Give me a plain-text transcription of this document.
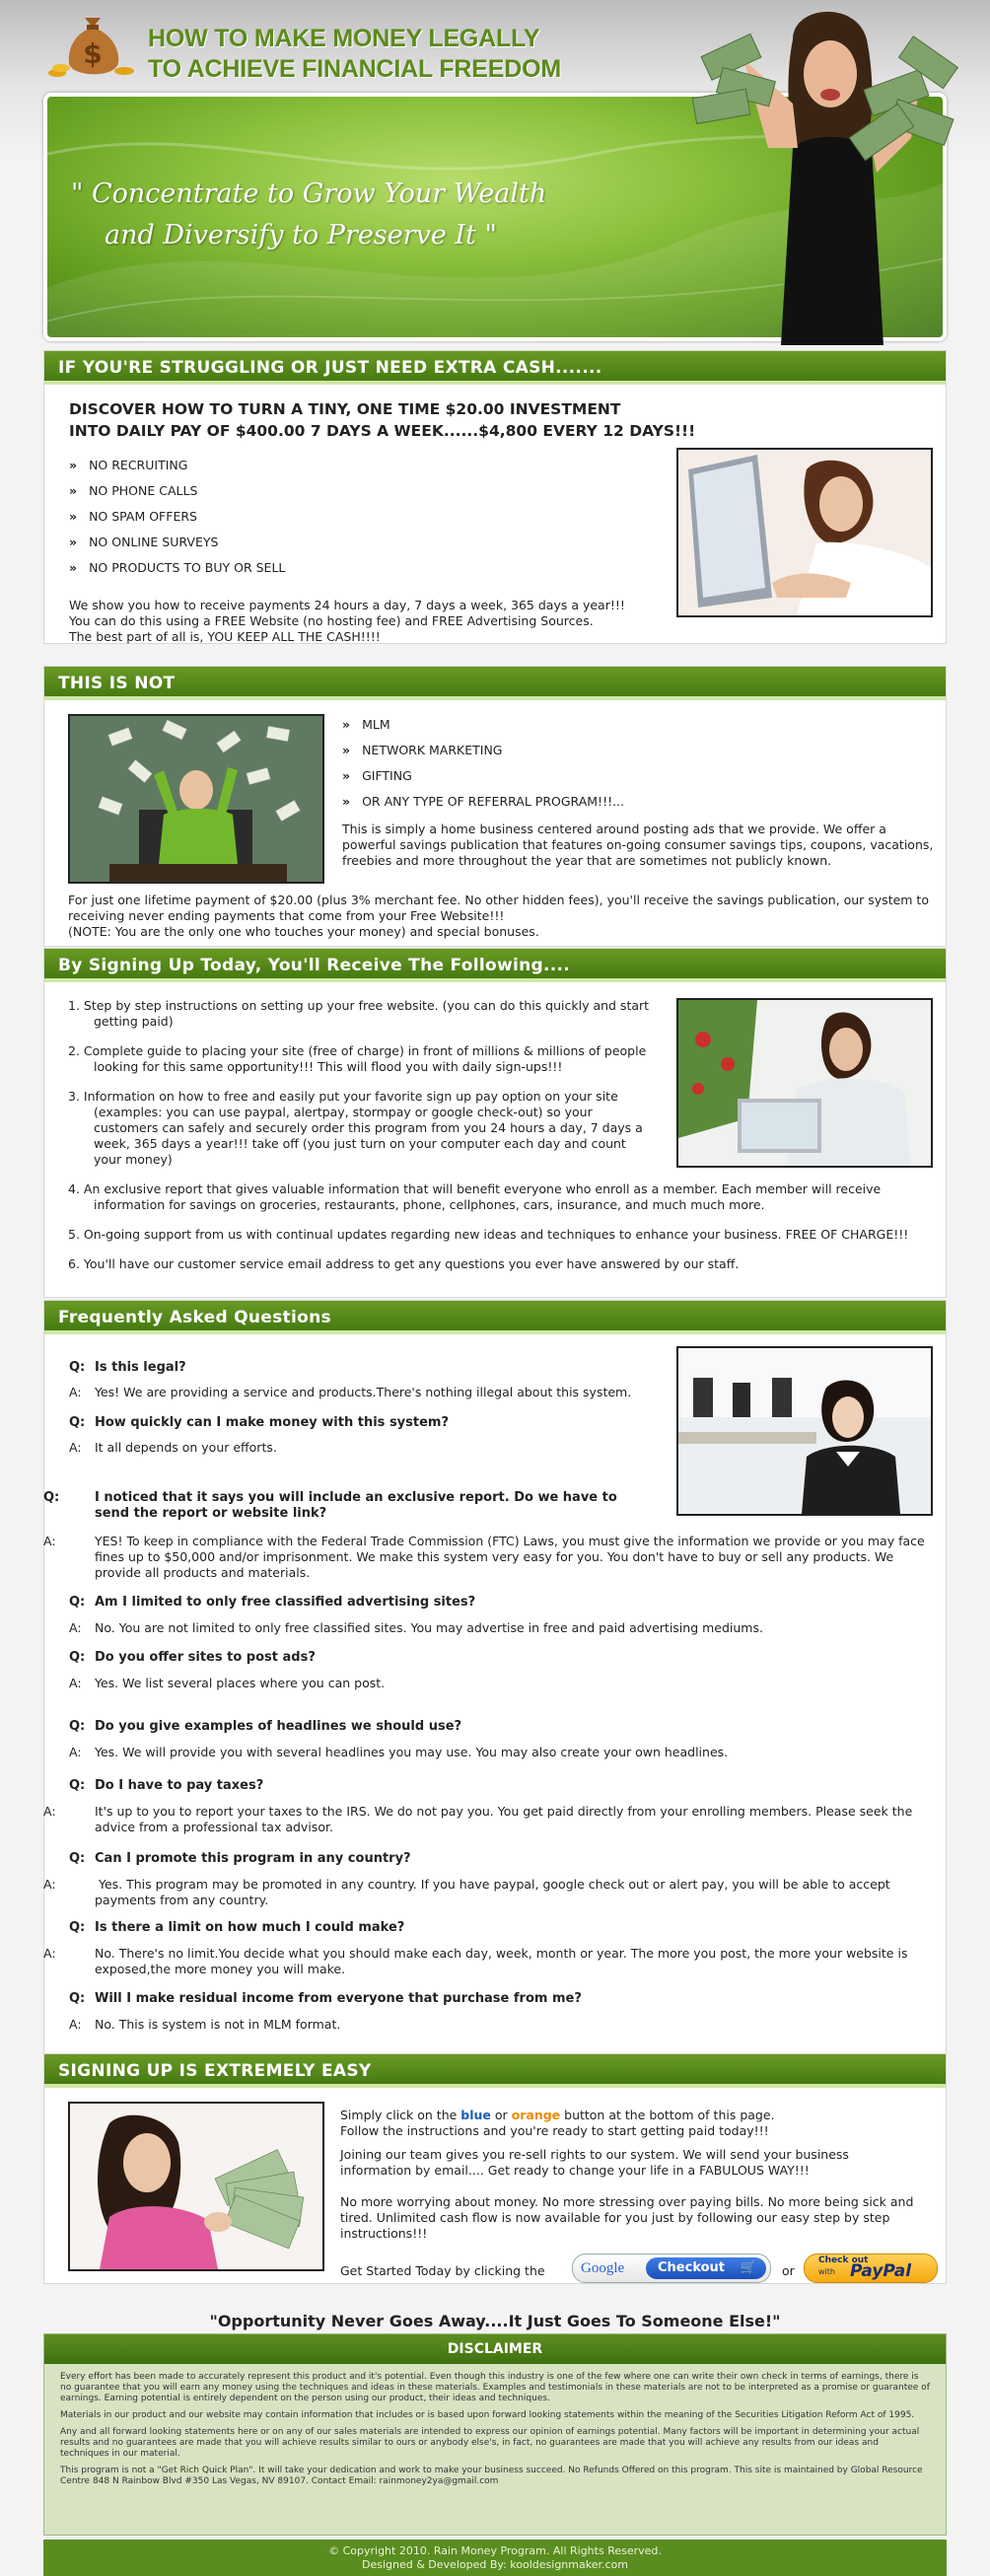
$ HOW TO MAKE MONEY LEGALLY
TO ACHIEVE FINANCIAL FREEDOM
" Concentrate to Grow Your Wealth
and Diversify to Preserve It "
IF YOU'RE STRUGGLING OR JUST NEED EXTRA CASH.......
DISCOVER HOW TO TURN A TINY, ONE TIME $20.00 INVESTMENT
INTO DAILY PAY OF $400.00 7 DAYS A WEEK......$4,800 EVERY 12 DAYS!!!
» NO RECRUITING
» NO PHONE CALLS
» NO SPAM OFFERS
» NO ONLINE SURVEYS
» NO PRODUCTS TO BUY OR SELL

We show you how to receive payments 24 hours a day, 7 days a week, 365 days a year!!!

You can do this using a FREE Website (no hosting fee) and FREE Advertising Sources.

The best part of all is, YOU KEEP ALL THE CASH!!!!

THIS IS NOT
» MLM
» NETWORK MARKETING
» GIFTING
» OR ANY TYPE OF REFERRAL PROGRAM!!!...

This is simply a home business centered around posting ads that we provide. We offer a powerful savings publication that features on-going consumer savings tips, coupons, vacations, freebies and more throughout the year that are sometimes not publicly known.

For just one lifetime payment of $20.00 (plus 3% merchant fee. No other hidden fees), you'll receive the savings publication, our system to receiving never ending payments that come from your Free Website!!!

(NOTE: You are the only one who touches your money) and special bonuses.

By Signing Up Today, You'll Receive The Following....
1. Step by step instructions on setting up your free website. (you can do this quickly and start getting paid)
2. Complete guide to placing your site (free of charge) in front of millions & millions of people looking for this same opportunity!!! This will flood you with daily sign-ups!!!
3. Information on how to free and easily put your favorite sign up pay option on your site (examples: you can use paypal, alertpay, stormpay or google check-out) so your customers can safely and securely order this program from you 24 hours a day, 7 days a week, 365 days a year!!! take off (you just turn on your computer each day and count your money)
4. An exclusive report that gives valuable information that will benefit everyone who enroll as a member. Each member will receive information for savings on groceries, restaurants, phone, cellphones, cars, insurance, and much much more.
5. On-going support from us with continual updates regarding new ideas and techniques to enhance your business. FREE OF CHARGE!!!
6. You'll have our customer service email address to get any questions you ever have answered by our staff.
Frequently Asked Questions
Q: Is this legal?
A: Yes! We are providing a service and products.There's nothing illegal about this system.
Q: How quickly can I make money with this system?
A: It all depends on your efforts.
Q:	I noticed that it says you will include an exclusive report. Do we have to send the report or website link?
A:	YES! To keep in compliance with the Federal Trade Commission (FTC) Laws, you must give the information we provide or you may face fines up to $50,000 and/or imprisonment. We make this system very easy for you. You don't have to buy or sell any products. We provide all products and materials.
Q: Am I limited to only free classified advertising sites?
A: No. You are not limited to only free classified sites. You may advertise in free and paid advertising mediums.
Q: Do you offer sites to post ads?
A: Yes. We list several places where you can post.
Q: Do you give examples of headlines we should use?
A: Yes. We will provide you with several headlines you may use. You may also create your own headlines.
Q: Do I have to pay taxes?
A:	It's up to you to report your taxes to the IRS. We do not pay you. You get paid directly from your enrolling members. Please seek the advice from a professional tax advisor.
Q: Can I promote this program in any country?
A:	Yes. This program may be promoted in any country. If you have paypal, google check out or alert pay, you will be able to accept payments from any country.
Q: Is there a limit on how much I could make?
A:	No. There's no limit.You decide what you should make each day, week, month or year. The more you post, the more your website is exposed,the more money you will make.
Q: Will I make residual income from everyone that purchase from me?
A: No. This is system is not in MLM format.
SIGNING UP IS EXTREMELY EASY

Simply click on the blue or orange button at the bottom of this page.
Follow the instructions and you're ready to start getting paid today!!!

Joining our team gives you re-sell rights to our system. We will send your business information by email.... Get ready to change your life in a FABULOUS WAY!!!

No more worrying about money. No more stressing over paying bills. No more being sick and tired. Unlimited cash flow is now available for you just by following our easy step by step instructions!!!

Get Started Today by clicking the Google	Checkout 🛒 or
Check out
with PayPal
"Opportunity Never Goes Away....It Just Goes To Someone Else!"
DISCLAIMER

Every effort has been made to accurately represent this product and it's potential. Even though this industry is one of the few where one can write their own check in terms of earnings, there is no guarantee that you will earn any money using the techniques and ideas in these materials. Examples and testimonials in these materials are not to be interpreted as a promise or guarantee of earnings. Earning potential is entirely dependent on the person using our product, their ideas and techniques.

Materials in our product and our website may contain information that includes or is based upon forward looking statements within the meaning of the Securities Litigation Reform Act of 1995.

Any and all forward looking statements here or on any of our sales materials are intended to express our opinion of earnings potential. Many factors will be important in determining your actual results and no guarantees are made that you will achieve results similar to ours or anybody else's, in fact, no guarantees are made that you will achieve any results from our ideas and techniques in our material.

This program is not a "Get Rich Quick Plan". It will take your dedication and work to make your business succeed. No Refunds Offered on this program. This site is maintained by Global Resource Centre 848 N Rainbow Blvd #350 Las Vegas, NV 89107. Contact Email: rainmoney2ya@gmail.com

© Copyright 2010. Rain Money Program. All Rights Reserved.
Designed & Developed By: kooldesignmaker.com
